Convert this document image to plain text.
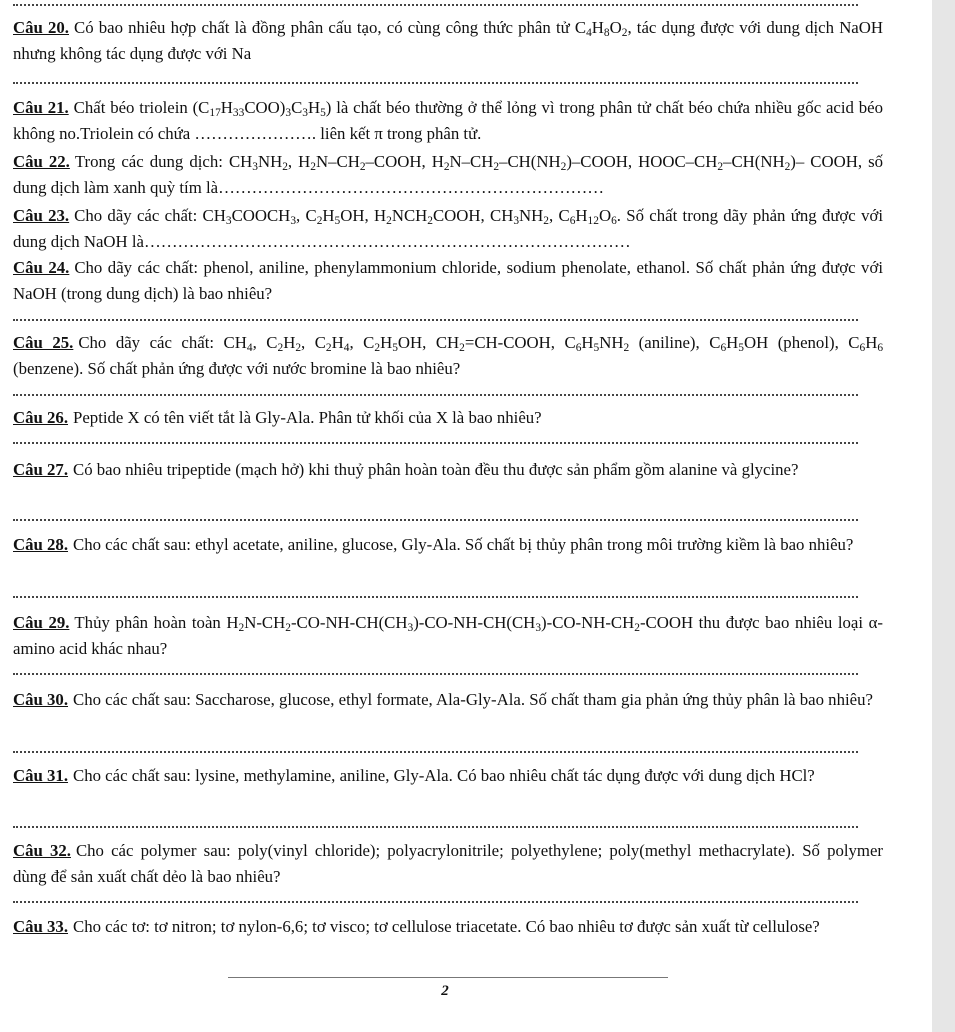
Câu 20. Có bao nhiêu hợp chất là đồng phân cấu tạo, có cùng công thức phân tử $C_4H_8O_2$, tác dụng được với dung dịch NaOH nhưng không tác dụng được với Na
Câu 21. Chất béo triolein $(C_{17}H_{33}COO)_3C_3H_5$) là chất béo thường ở thể lỏng vì trong phân tử chất béo chứa nhiều gốc acid béo không no.Triolein có chứa …………………. liên kết π trong phân tử.
Câu 22. Trong các dung dịch: $CH_3NH_2$, $H_2N-CH_2$–COOH, $H_2N-CH_2-CH(NH_2)$–COOH, HOOC–$CH_2-CH(NH_2)-$ COOH, số dung dịch làm xanh quỳ tím là……………………………………………………………
Câu 23. Cho dãy các chất: $CH_3COOCH_3$, $C_2H_5OH$, $H_2NCH_2COOH$, $CH_3NH_2$, $C_6H_{12}O_6$. Số chất trong dãy phản ứng được với dung dịch NaOH là……………………………………………………………………………
Câu 24. Cho dãy các chất: phenol, aniline, phenylammonium chloride, sodium phenolate, ethanol. Số chất phản ứng được với NaOH (trong dung dịch) là bao nhiêu?
Câu 25. Cho dãy các chất: $CH_4$, $C_2H_2$, $C_2H_4$, $C_2H_5OH$, $CH_2=CH$-COOH, $C_6H_5NH_2$ (aniline), $C_6H_5OH$ (phenol), $C_6H_6$ (benzene). Số chất phản ứng được với nước bromine là bao nhiêu?
Câu 26. Peptide X có tên viết tắt là Gly-Ala. Phân tử khối của X là bao nhiêu?
Câu 27. Có bao nhiêu tripeptide (mạch hở) khi thuỷ phân hoàn toàn đều thu được sản phẩm gồm alanine và glycine?
Câu 28. Cho các chất sau: ethyl acetate, aniline, glucose, Gly-Ala. Số chất bị thủy phân trong môi trường kiềm là bao nhiêu?
Câu 29. Thủy phân hoàn toàn $H_2N-CH_2-CO-NH-CH(CH_3)-CO-NH-CH(CH_3)-CO-NH-CH_2$-COOH thu được bao nhiêu loại α-amino acid khác nhau?
Câu 30. Cho các chất sau: Saccharose, glucose, ethyl formate, Ala-Gly-Ala. Số chất tham gia phản ứng thủy phân là bao nhiêu?
Câu 31. Cho các chất sau: lysine, methylamine, aniline, Gly-Ala. Có bao nhiêu chất tác dụng được với dung dịch HCl?
Câu 32. Cho các polymer sau: poly(vinyl chloride); polyacrylonitrile; polyethylene; poly(methyl methacrylate). Số polymer dùng để sản xuất chất dẻo là bao nhiêu?
Câu 33. Cho các tơ: tơ nitron; tơ nylon-6,6; tơ visco; tơ cellulose triacetate. Có bao nhiêu tơ được sản xuất từ cellulose?
2
